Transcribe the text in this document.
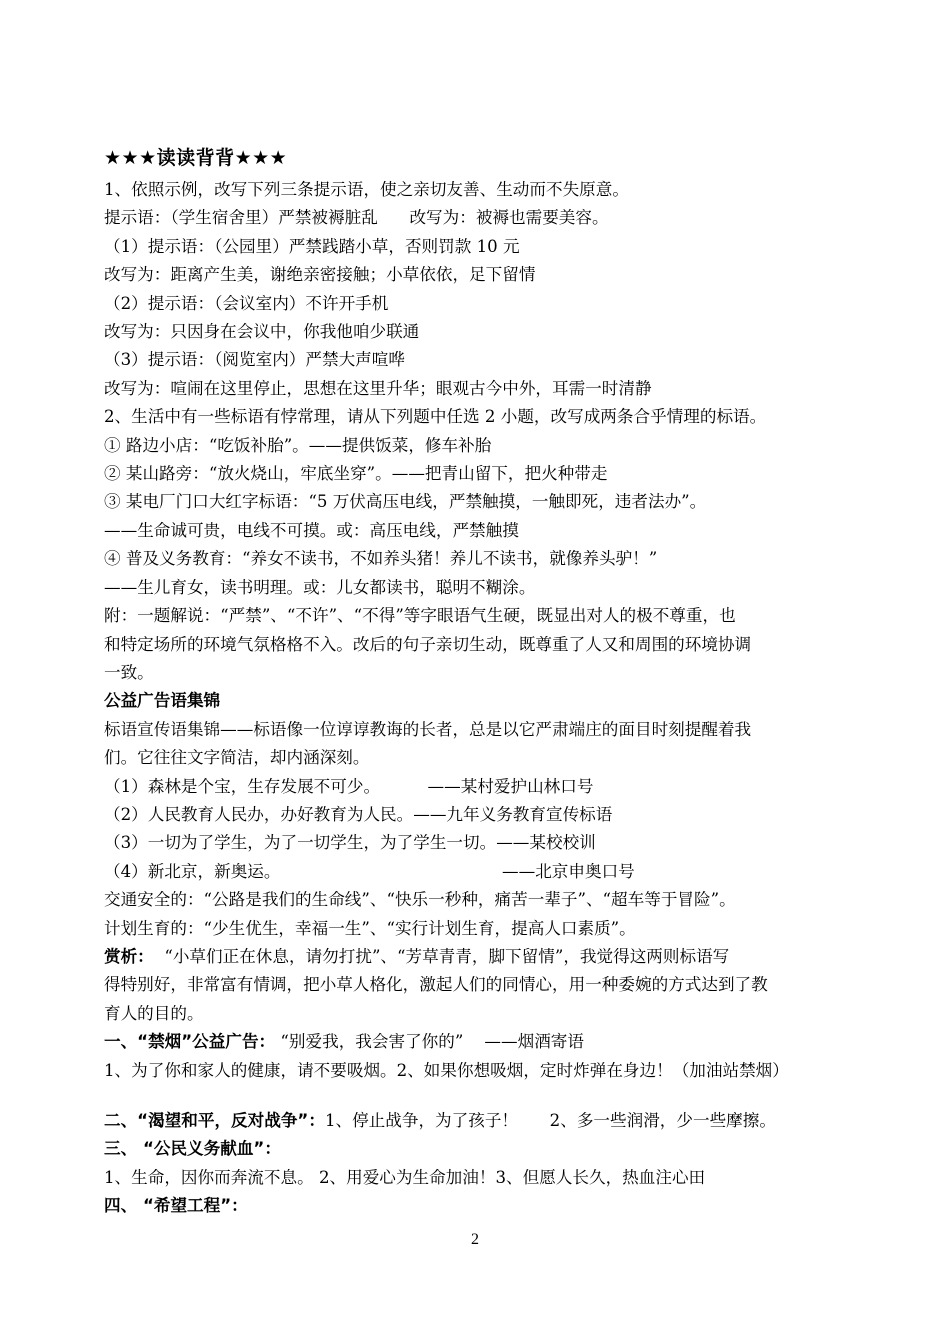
★★★读读背背★★★

1、依照示例，改写下列三条提示语，使之亲切友善、生动而不失原意。

提示语：（学生宿舍里）严禁被褥脏乱      改写为：被褥也需要美容。

（1）提示语：（公园里）严禁践踏小草，否则罚款 10 元

改写为：距离产生美，谢绝亲密接触；小草依依，足下留情

（2）提示语：（会议室内）不许开手机

改写为：只因身在会议中，你我他咱少联通

（3）提示语：（阅览室内）严禁大声喧哗

改写为：喧闹在这里停止，思想在这里升华；眼观古今中外，耳需一时清静

2、生活中有一些标语有悖常理，请从下列题中任选 2 小题，改写成两条合乎情理的标语。

① 路边小店：“吃饭补胎”。——提供饭菜，修车补胎

② 某山路旁：“放火烧山，牢底坐穿”。——把青山留下，把火种带走

③ 某电厂门口大红字标语：“5 万伏高压电线，严禁触摸，一触即死，违者法办”。

——生命诚可贵，电线不可摸。或：高压电线，严禁触摸

④ 普及义务教育：“养女不读书，不如养头猪！养儿不读书，就像养头驴！”

——生儿育女，读书明理。或：儿女都读书，聪明不糊涂。

附：一题解说：“严禁”、“不许”、“不得”等字眼语气生硬，既显出对人的极不尊重，也

和特定场所的环境气氛格格不入。改后的句子亲切生动，既尊重了人又和周围的环境协调

一致。

公益广告语集锦

标语宣传语集锦——标语像一位谆谆教诲的长者，总是以它严肃端庄的面目时刻提醒着我

们。它往往文字简洁，却内涵深刻。

（1）森林是个宝，生存发展不可少。         ——某村爱护山林口号

（2）人民教育人民办，办好教育为人民。——九年义务教育宣传标语

（3）一切为了学生，为了一切学生，为了学生一切。——某校校训

（4）新北京，新奥运。                                          ——北京申奥口号

交通安全的：“公路是我们的生命线”、“快乐一秒种，痛苦一辈子”、“超车等于冒险”。

计划生育的：“少生优生，幸福一生”、“实行计划生育，提高人口素质”。

赏析：  “小草们正在休息，请勿打扰”、“芳草青青，脚下留情”，我觉得这两则标语写

得特别好，非常富有情调，把小草人格化，激起人们的同情心，用一种委婉的方式达到了教

育人的目的。

一、“禁烟”公益广告： “别爱我，我会害了你的”    ——烟酒寄语

1、为了你和家人的健康，请不要吸烟。2、如果你想吸烟，定时炸弹在身边！（加油站禁烟）

二、“渴望和平，反对战争”：1、停止战争，为了孩子！      2、多一些润滑，少一些摩擦。

三、 “公民义务献血”：

1、生命，因你而奔流不息。 2、用爱心为生命加油！3、但愿人长久，热血注心田

四、 “希望工程”：

2
